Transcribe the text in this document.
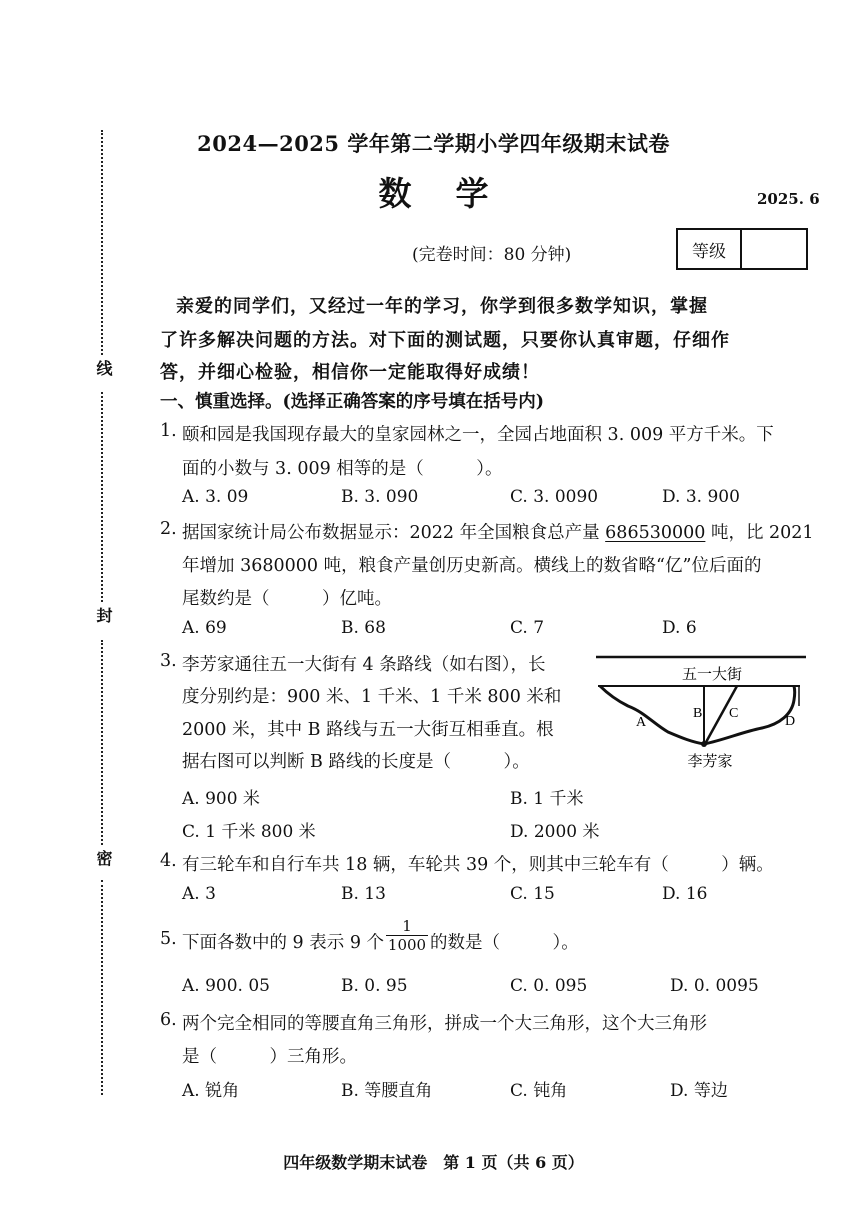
线
封
密
2024—2025 学年第二学期小学四年级期末试卷
数学	2025. 6
(完卷时间：80 分钟)	等级
亲爱的同学们，又经过一年的学习，你学到很多数学知识，掌握
了许多解决问题的方法。对下面的测试题，只要你认真审题，仔细作
答，并细心检验，相信你一定能取得好成绩！
一、慎重选择。(选择正确答案的序号填在括号内)
1. 颐和园是我国现存最大的皇家园林之一，全园占地面积 3. 009 平方千米。下
面的小数与 3. 009 相等的是（　　　）。
A. 3. 09	B. 3. 090	C. 3. 0090	D. 3. 900
2. 据国家统计局公布数据显示：2022 年全国粮食总产量 686530000 吨，比 2021
年增加 3680000 吨，粮食产量创历史新高。横线上的数省略“亿”位后面的
尾数约是（　　　）亿吨。
A. 69	B. 68	C. 7	D. 6
3. 李芳家通往五一大街有 4 条路线（如右图），长
度分别约是：900 米、1 千米、1 千米 800 米和
2000 米，其中 B 路线与五一大街互相垂直。根
据右图可以判断 B 路线的长度是（　　　）。
A. 900 米	B. 1 千米
C. 1 千米 800 米	D. 2000 米
五一大街
A
B C
D
李芳家
4. 有三轮车和自行车共 18 辆，车轮共 39 个，则其中三轮车有（　　　）辆。
A. 3	B. 13	C. 15	D. 16
5. 下面各数中的 9 表示 9 个 $\frac{1}{1000}$ 的数是（　　　）。
A. 900. 05	B. 0. 95	C. 0. 095	D. 0. 0095
6. 两个完全相同的等腰直角三角形，拼成一个大三角形，这个大三角形
是（　　　）三角形。
A. 锐角	B. 等腰直角	C. 钝角	D. 等边
四年级数学期末试卷　第 1 页（共 6 页）
